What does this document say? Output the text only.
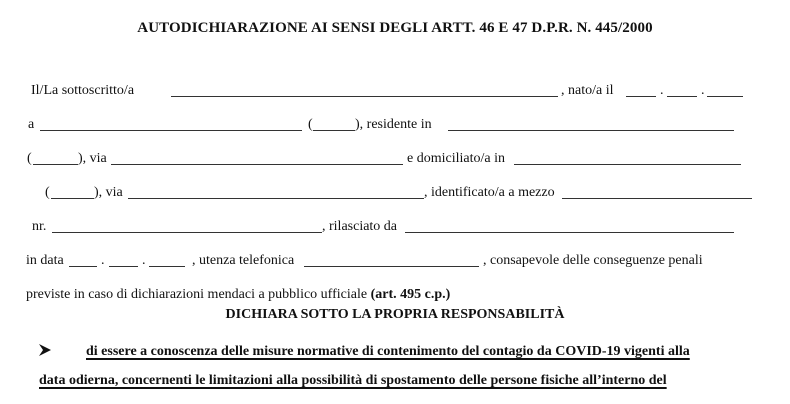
AUTODICHIARAZIONE AI SENSI DEGLI ARTT. 46 E 47 D.P.R. N. 445/2000
Il/La sottoscritto/a	, nato/a il	.	.
a	(	), residente in
(	), via	e domiciliato/a in
(	), via	, identificato/a a mezzo
nr.	, rilasciato da
in data	.	.	, utenza telefonica	, consapevole delle conseguenze penali
previste in caso di dichiarazioni mendaci a pubblico ufficiale (art. 495 c.p.)
DICHIARA SOTTO LA PROPRIA RESPONSABILITÀ
di essere a conoscenza delle misure normative di contenimento del contagio da COVID-19 vigenti alla
data odierna, concernenti le limitazioni alla possibilità di spostamento delle persone fisiche all’interno del
